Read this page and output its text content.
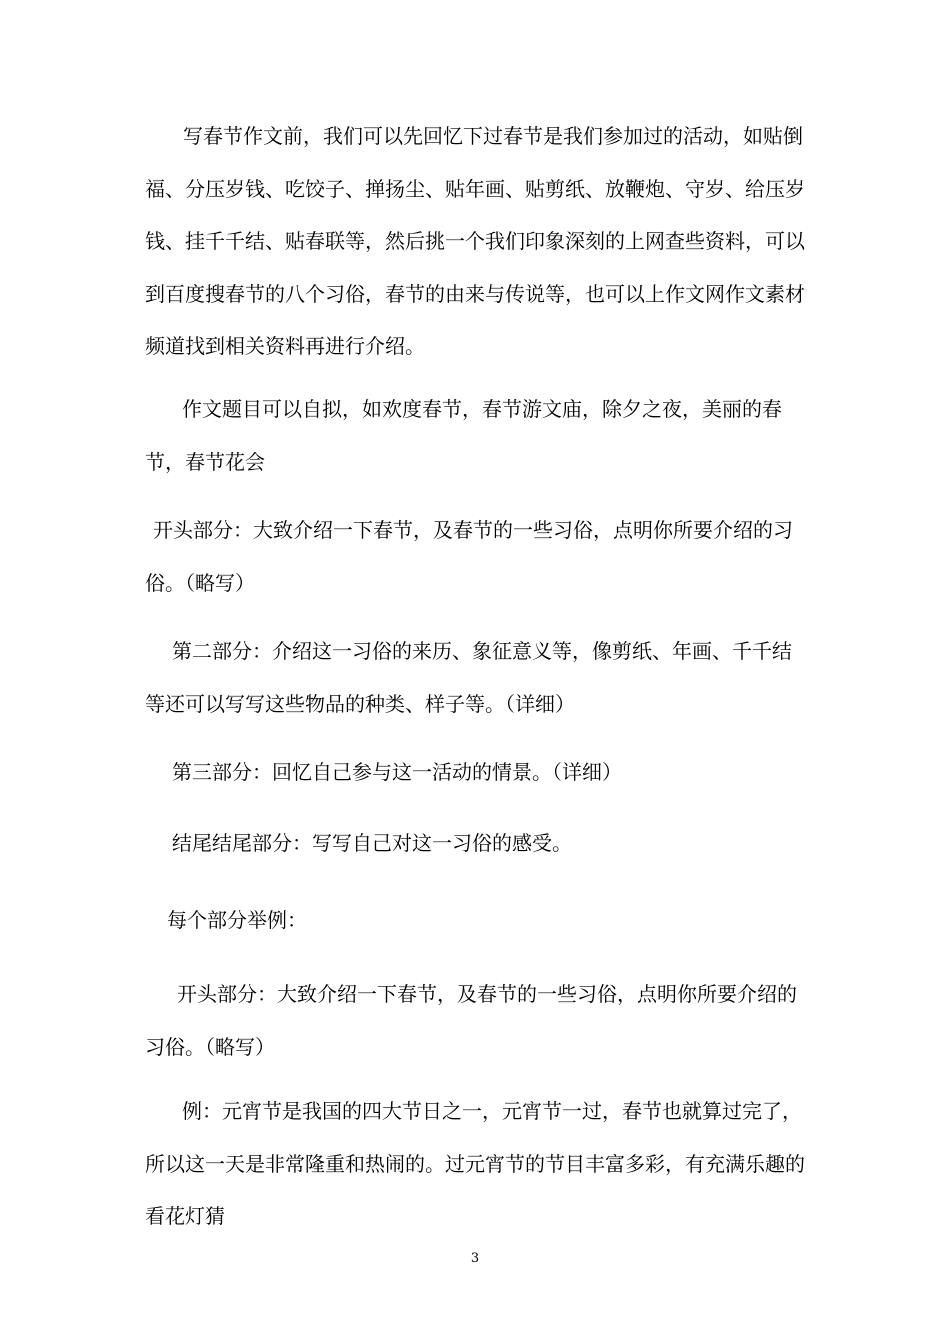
写春节作文前，我们可以先回忆下过春节是我们参加过的活动，如贴倒福、分压岁钱、吃饺子、掸扬尘、贴年画、贴剪纸、放鞭炮、守岁、给压岁钱、挂千千结、贴春联等，然后挑一个我们印象深刻的上网查些资料，可以到百度搜春节的八个习俗，春节的由来与传说等，也可以上作文网作文素材频道找到相关资料再进行介绍。

作文题目可以自拟，如欢度春节，春节游文庙，除夕之夜，美丽的春节，春节花会

开头部分：大致介绍一下春节，及春节的一些习俗，点明你所要介绍的习俗。（略写）

第二部分：介绍这一习俗的来历、象征意义等，像剪纸、年画、千千结等还可以写写这些物品的种类、样子等。（详细）

第三部分：回忆自己参与这一活动的情景。（详细）

结尾结尾部分：写写自己对这一习俗的感受。

每个部分举例：

开头部分：大致介绍一下春节，及春节的一些习俗，点明你所要介绍的习俗。（略写）

例：元宵节是我国的四大节日之一，元宵节一过，春节也就算过完了，所以这一天是非常隆重和热闹的。过元宵节的节目丰富多彩，有充满乐趣的看花灯猜

3
